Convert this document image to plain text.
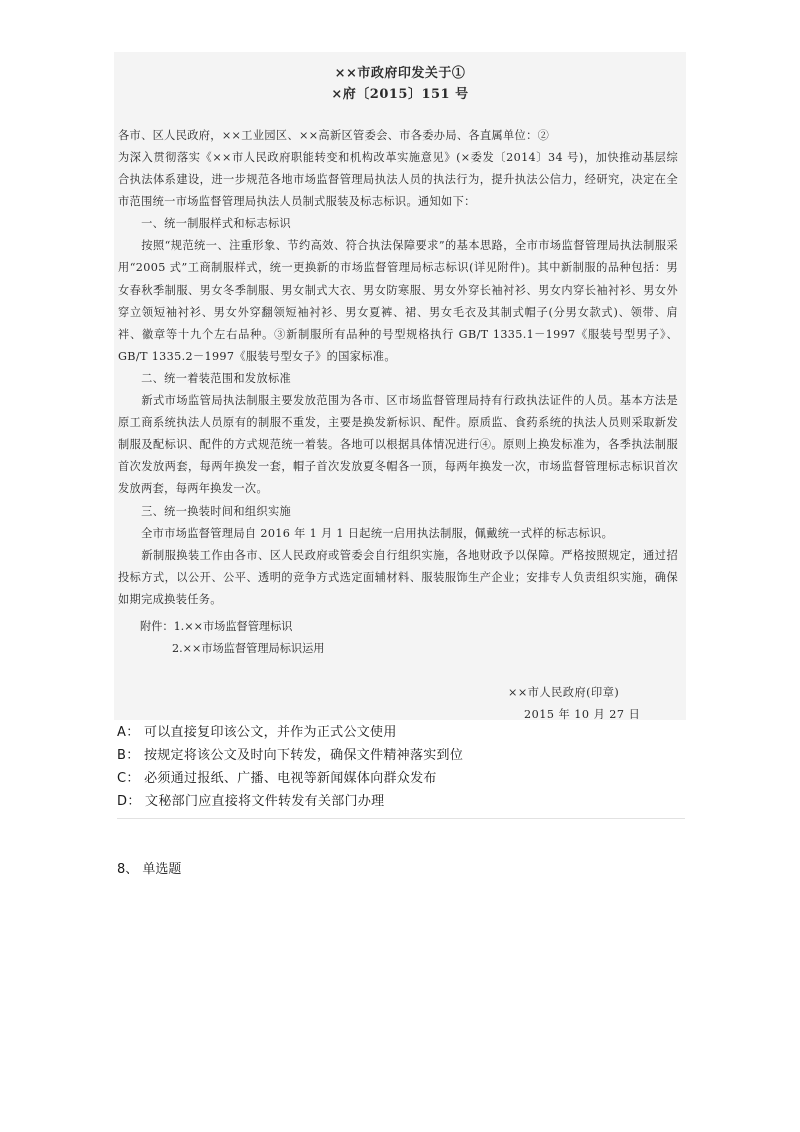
××市政府印发关于①
×府〔2015〕151 号

各市、区人民政府，××工业园区、××高新区管委会、市各委办局、各直属单位：②

为深入贯彻落实《××市人民政府职能转变和机构改革实施意见》(×委发〔2014〕34 号)，加快推动基层综合执法体系建设，进一步规范各地市场监督管理局执法人员的执法行为，提升执法公信力，经研究，决定在全市范围统一市场监督管理局执法人员制式服装及标志标识。通知如下：
　　一、统一制服样式和标志标识
　　按照“规范统一、注重形象、节约高效、符合执法保障要求”的基本思路，全市市场监督管理局执法制服采用“2005 式”工商制服样式，统一更换新的市场监督管理局标志标识(详见附件)。其中新制服的品种包括：男女春秋季制服、男女冬季制服、男女制式大衣、男女防寒服、男女外穿长袖衬衫、男女内穿长袖衬衫、男女外穿立领短袖衬衫、男女外穿翻领短袖衬衫、男女夏裤、裙、男女毛衣及其制式帽子(分男女款式)、领带、肩袢、徽章等十九个左右品种。③新制服所有品种的号型规格执行 GB/T 1335.1－1997《服装号型男子》、GB/T 1335.2－1997《服装号型女子》的国家标准。
　　二、统一着装范围和发放标准
　　新式市场监管局执法制服主要发放范围为各市、区市场监督管理局持有行政执法证件的人员。基本方法是原工商系统执法人员原有的制服不重发，主要是换发新标识、配件。原质监、食药系统的执法人员则采取新发制服及配标识、配件的方式规范统一着装。各地可以根据具体情况进行④。原则上换发标准为，各季执法制服首次发放两套，每两年换发一套，帽子首次发放夏冬帽各一顶，每两年换发一次，市场监督管理标志标识首次发放两套，每两年换发一次。
　　三、统一换装时间和组织实施
　　全市市场监督管理局自 2016 年 1 月 1 日起统一启用执法制服，佩戴统一式样的标志标识。
　　新制服换装工作由各市、区人民政府或管委会自行组织实施，各地财政予以保障。严格按照规定，通过招投标方式，以公开、公平、透明的竞争方式选定面辅材料、服装服饰生产企业；安排专人负责组织实施，确保如期完成换装任务。

附件：1.××市场监督管理标识
2.××市场监督管理局标识运用
××市人民政府(印章)
2015 年 10 月 27 日
A： 可以直接复印该公文，并作为正式公文使用
B： 按规定将该公文及时向下转发，确保文件精神落实到位
C： 必须通过报纸、广播、电视等新闻媒体向群众发布
D： 文秘部门应直接将文件转发有关部门办理
8、 单选题
